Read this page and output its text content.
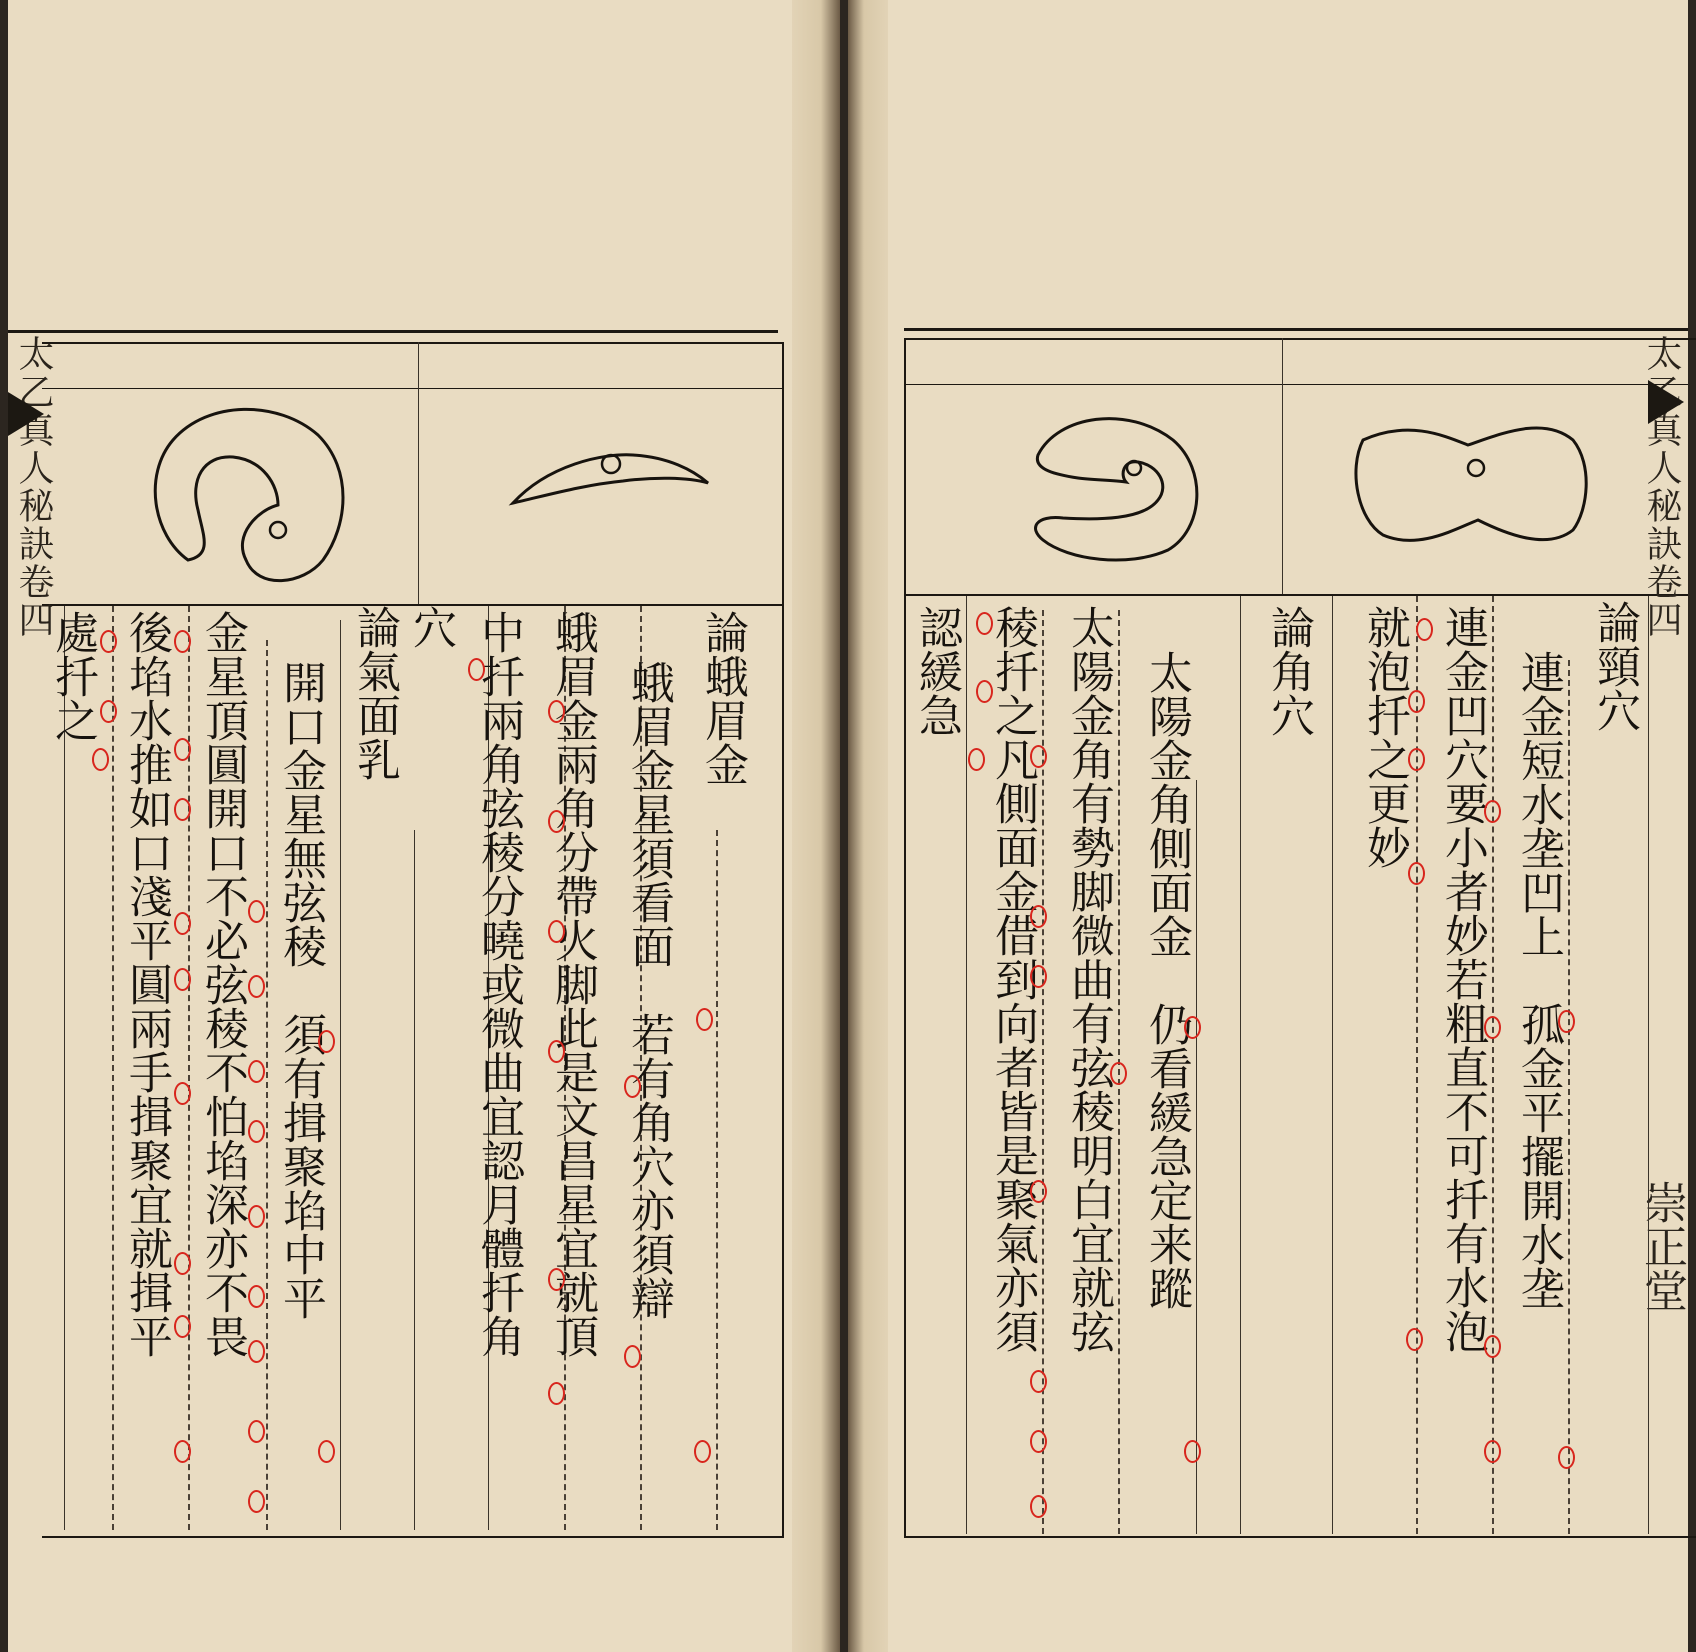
太乙真人秘訣卷四
論蛾眉金
蛾眉金星須看面　若有角穴亦須辯
蛾眉金兩角分帶火脚此是文昌星宜就頂
中扦兩角弦稜分曉或微曲宜認月體扦角
穴
論氣面乳
開口金星無弦稜　須有揖聚埳中平
金星頂圓開口不必弦稜不怕埳深亦不畏
後埳水推如口淺平圓兩手揖聚宜就揖平
處扦之
太乙真人秘訣卷四
崇正堂
論頸穴
連金短水垄凹上　孤金平擺開水垄
連金凹穴要小者妙若粗直不可扦有水泡
就泡扦之更妙
論角穴
太陽金角側面金　仍看緩急定来蹤
太陽金角有勢脚微曲有弦稜明白宜就弦
稜扦之凡側面金借到向者皆是聚氣亦須
認緩急
